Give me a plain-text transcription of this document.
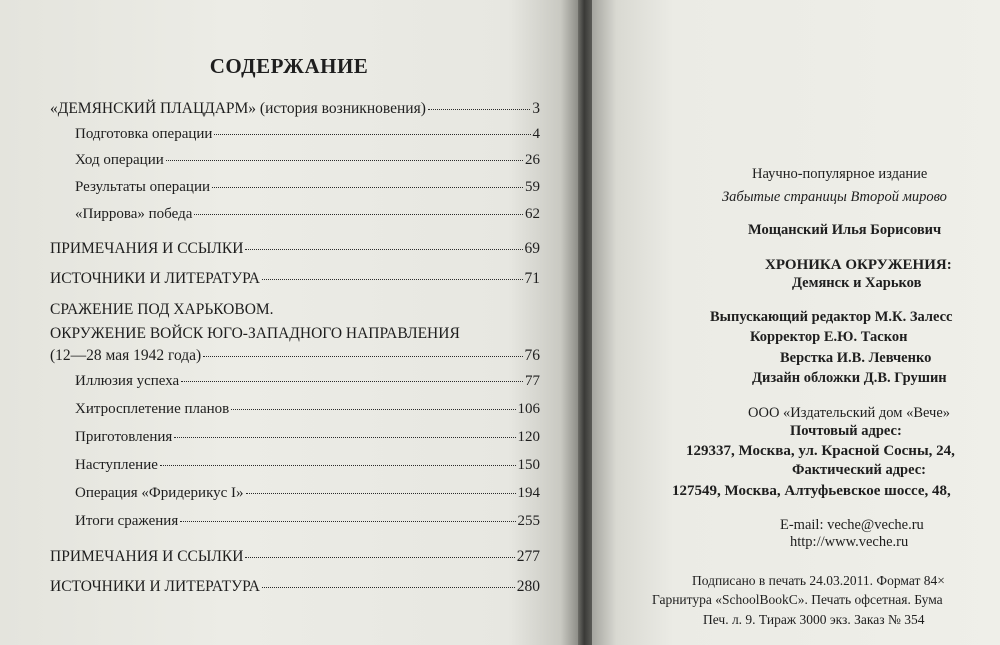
СОДЕРЖАНИЕ
«ДЕМЯНСКИЙ ПЛАЦДАРМ» (история возникновения)	3
Подготовка операции	4
Ход операции	26
Результаты операции	59
«Пиррова» победа	62
ПРИМЕЧАНИЯ И ССЫЛКИ	69
ИСТОЧНИКИ И ЛИТЕРАТУРА	71
СРАЖЕНИЕ ПОД ХАРЬКОВОМ.
ОКРУЖЕНИЕ ВОЙСК ЮГО-ЗАПАДНОГО НАПРАВЛЕНИЯ
(12—28 мая 1942 года)	76
Иллюзия успеха	77
Хитросплетение планов	106
Приготовления	120
Наступление	150
Операция «Фридерикус I»	194
Итоги сражения	255
ПРИМЕЧАНИЯ И ССЫЛКИ	277
ИСТОЧНИКИ И ЛИТЕРАТУРА	280
Научно-популярное издание
Забытые страницы Второй мирово
Мощанский Илья Борисович
ХРОНИКА ОКРУЖЕНИЯ:
Демянск и Харьков
Выпускающий редактор М.К. Залесс
Корректор Е.Ю. Таскон
Верстка И.В. Левченко
Дизайн обложки Д.В. Грушин
ООО «Издательский дом «Вече»
Почтовый адрес:
129337, Москва, ул. Красной Сосны, 24,
Фактический адрес:
127549, Москва, Алтуфьевское шоссе, 48,
E-mail: veche@veche.ru
http://www.veche.ru
Подписано в печать 24.03.2011. Формат 84×
Гарнитура «SchoolBookC». Печать офсетная. Бума
Печ. л. 9. Тираж 3000 экз. Заказ № 354
